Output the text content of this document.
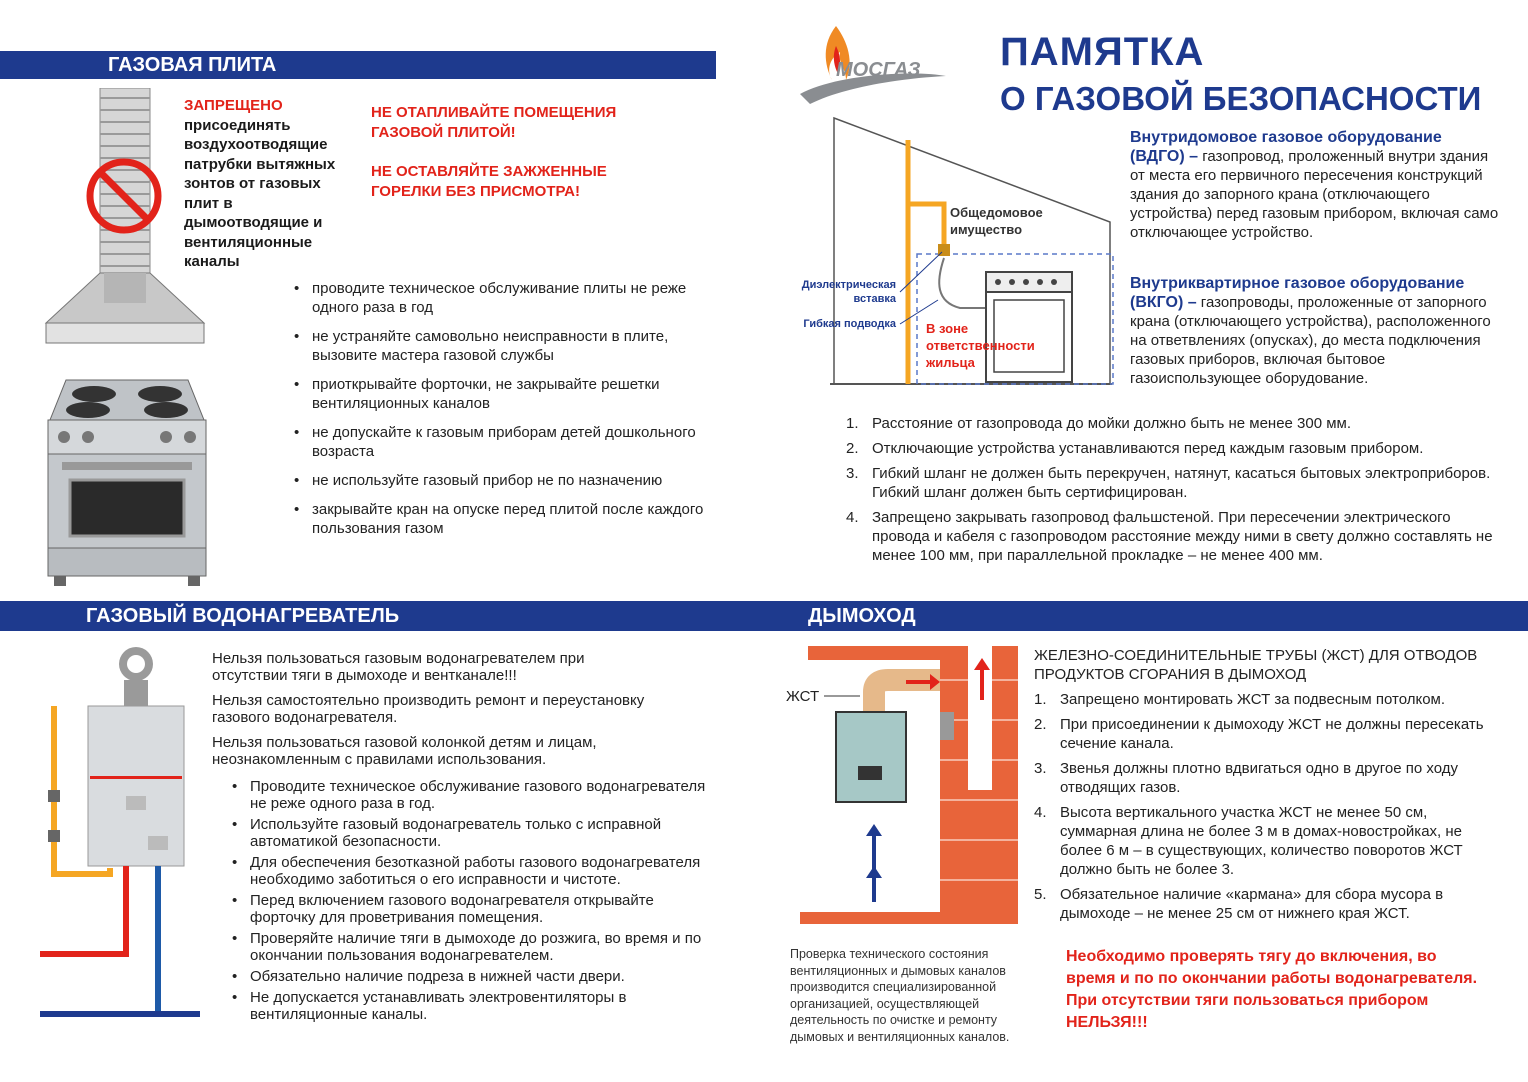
ГАЗОВАЯ ПЛИТА
ЗАПРЕЩЕНО
присоединять воздухоотводящие патрубки вытяжных зонтов от газовых плит в дымоотводящие и вентиляционные каналы
НЕ ОТАПЛИВАЙТЕ ПОМЕЩЕНИЯ ГАЗОВОЙ ПЛИТОЙ!
НЕ ОСТАВЛЯЙТЕ ЗАЖЖЕННЫЕ ГОРЕЛКИ БЕЗ ПРИСМОТРА!
• проводите техническое обслуживание плиты не реже одного раза в год
• не устраняйте самовольно неисправности в плите, вызовите мастера газовой службы
• приоткрывайте форточки, не закрывайте решетки вентиляционных каналов
• не допускайте к газовым приборам детей дошкольного возраста
• не используйте газовый прибор не по назначению
• закрывайте кран на опуске перед плитой после каждого пользования газом
МОСГАЗ ПАМЯТКА
О ГАЗОВОЙ БЕЗОПАСНОСТИ
Общедомовое имущество
Диэлектрическая вставка
Гибкая подводка В зоне ответственности жильца
Внутридомовое газовое оборудование (ВДГО) – газопровод, проложенный внутри здания от места его первичного пересечения конструкций здания до запорного крана (отключающего устройства) перед газовым прибором, включая само отключающее устройство.
Внутриквартирное газовое оборудование (ВКГО) – газопроводы, проложенные от запорного крана (отключающего устройства), расположенного на ответвлениях (опусках), до места подключения газовых приборов, включая бытовое газоиспользующее оборудование.
1. Расстояние от газопровода до мойки должно быть не менее 300 мм.
2. Отключающие устройства устанавливаются перед каждым газовым прибором.
3. Гибкий шланг не должен быть перекручен, натянут, касаться бытовых электроприборов. Гибкий шланг должен быть сертифицирован.
4. Запрещено закрывать газопровод фальшстеной. При пересечении электрического провода и кабеля с газопроводом расстояние между ними в свету должно составлять не менее 100 мм, при параллельной прокладке – не менее 400 мм.
ГАЗОВЫЙ ВОДОНАГРЕВАТЕЛЬ	ДЫМОХОД
Нельзя пользоваться газовым водонагревателем при отсутствии тяги в дымоходе и вентканале!!!
Нельзя самостоятельно производить ремонт и переустановку газового водонагревателя.
Нельзя пользоваться газовой колонкой детям и лицам, неознакомленным с правилами использования.
• Проводите техническое обслуживание газового водонагревателя не реже одного раза в год.
• Используйте газовый водонагреватель только с исправной автоматикой безопасности.
• Для обеспечения безотказной работы газового водонагревателя необходимо заботиться о его исправности и чистоте.
• Перед включением газового водонагревателя открывайте форточку для проветривания помещения.
• Проверяйте наличие тяги в дымоходе до розжига, во время и по окончании пользования водонагревателем.
• Обязательно наличие подреза в нижней части двери.
• Не допускается устанавливать электровентиляторы в вентиляционные каналы.
ЖСТ
ЖЕЛЕЗНО-СОЕДИНИТЕЛЬНЫЕ ТРУБЫ (ЖСТ) ДЛЯ ОТВОДОВ ПРОДУКТОВ СГОРАНИЯ В ДЫМОХОД
1. Запрещено монтировать ЖСТ за подвесным потолком.
2. При присоединении к дымоходу ЖСТ не должны пересекать сечение канала.
3. Звенья должны плотно вдвигаться одно в другое по ходу отводящих газов.
4. Высота вертикального участка ЖСТ не менее 50 см, суммарная длина не более 3 м в домах-новостройках, не более 6 м – в существующих, количество поворотов ЖСТ должно быть не более 3.
5. Обязательное наличие «кармана» для сбора мусора в дымоходе – не менее 25 см от нижнего края ЖСТ.
Проверка технического состояния вентиляционных и дымовых каналов производится специализированной организацией, осуществляющей деятельность по очистке и ремонту дымовых и вентиляционных каналов.
Необходимо проверять тягу до включения, во время и по по окончании работы водонагревателя. При отсутствии тяги пользоваться прибором НЕЛЬЗЯ!!!
